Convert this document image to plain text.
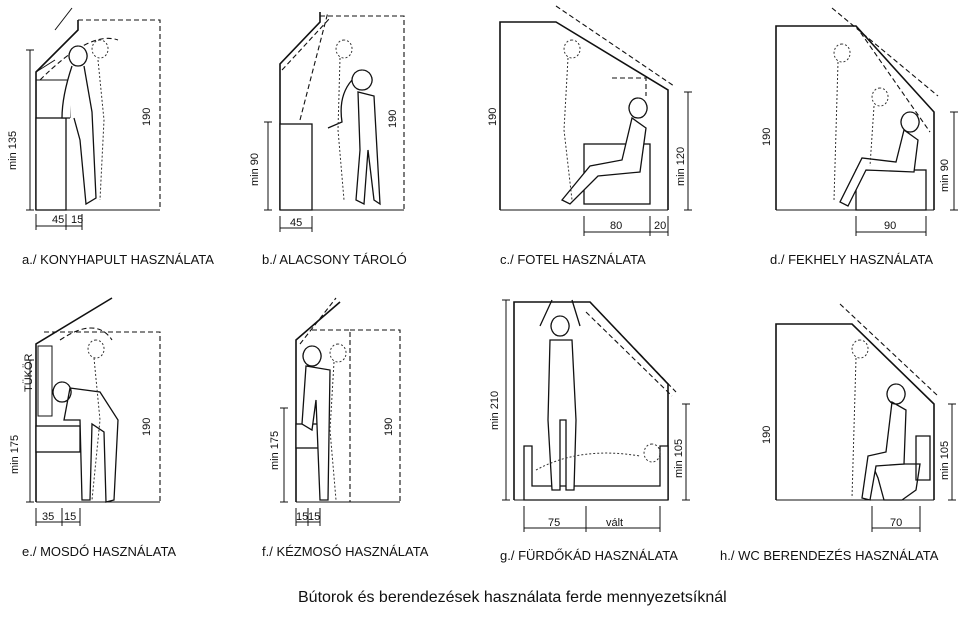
min 135
190
45 15
a./ KONYHAPULT HASZNÁLATA
min 90
190
45
b./ ALACSONY TÁROLÓ
190
min 120
80	20
c./ FOTEL HASZNÁLATA
190
min 90
90
d./ FEKHELY HASZNÁLATA
TÜKÖR
min 175
190
35 15
e./ MOSDÓ HASZNÁLATA
min 175
190
15 15
f./ KÉZMOSÓ HASZNÁLATA
min 210
min 105
75	vált
g./ FÜRDŐKÁD HASZNÁLATA
190
min 105
70
h./ WC BERENDEZÉS HASZNÁLATA
Bútorok és berendezések használata ferde mennyezetsíknál
